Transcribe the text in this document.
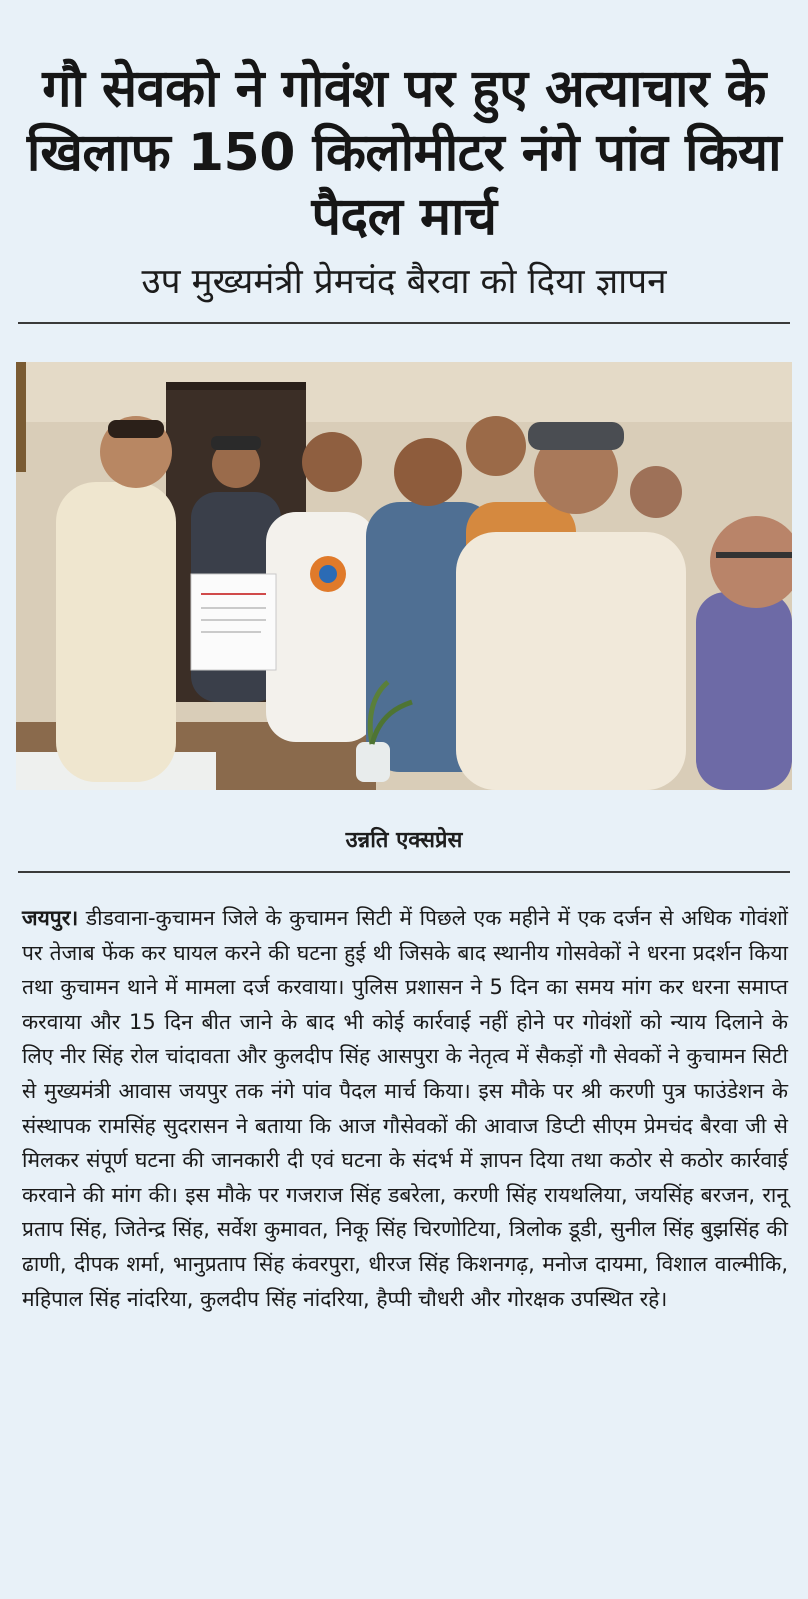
गौ सेवको ने गोवंश पर हुए अत्याचार के खिलाफ 150 किलोमीटर नंगे पांव किया पैदल मार्च
उप मुख्यमंत्री प्रेमचंद बैरवा को दिया ज्ञापन
उन्नति एक्सप्रेस

जयपुर। डीडवाना-कुचामन जिले के कुचामन सिटी में पिछले एक महीने में एक दर्जन से अधिक गोवंशों पर तेजाब फेंक कर घायल करने की घटना हुई थी जिसके बाद स्थानीय गोसवेकों ने धरना प्रदर्शन किया तथा कुचामन थाने में मामला दर्ज करवाया। पुलिस प्रशासन ने 5 दिन का समय मांग कर धरना समाप्त करवाया और 15 दिन बीत जाने के बाद भी कोई कार्रवाई नहीं होने पर गोवंशों को न्याय दिलाने के लिए नीर सिंह रोल चांदावता और कुलदीप सिंह आसपुरा के नेतृत्व में सैकड़ों गौ सेवकों ने कुचामन सिटी से मुख्यमंत्री आवास जयपुर तक नंगे पांव पैदल मार्च किया। इस मौके पर श्री करणी पुत्र फाउंडेशन के संस्थापक रामसिंह सुदरासन ने बताया कि आज गौसेवकों की आवाज डिप्टी सीएम प्रेमचंद बैरवा जी से मिलकर संपूर्ण घटना की जानकारी दी एवं घटना के संदर्भ में ज्ञापन दिया तथा कठोर से कठोर कार्रवाई करवाने की मांग की। इस मौके पर गजराज सिंह डबरेला, करणी सिंह रायथलिया, जयसिंह बरजन, रानू प्रताप सिंह, जितेन्द्र सिंह, सर्वेश कुमावत, निकू सिंह चिरणोटिया, त्रिलोक डूडी, सुनील सिंह बुझसिंह की ढाणी, दीपक शर्मा, भानुप्रताप सिंह कंवरपुरा, धीरज सिंह किशनगढ़, मनोज दायमा, विशाल वाल्मीकि, महिपाल सिंह नांदरिया, कुलदीप सिंह नांदरिया, हैप्पी चौधरी और गोरक्षक उपस्थित रहे।
